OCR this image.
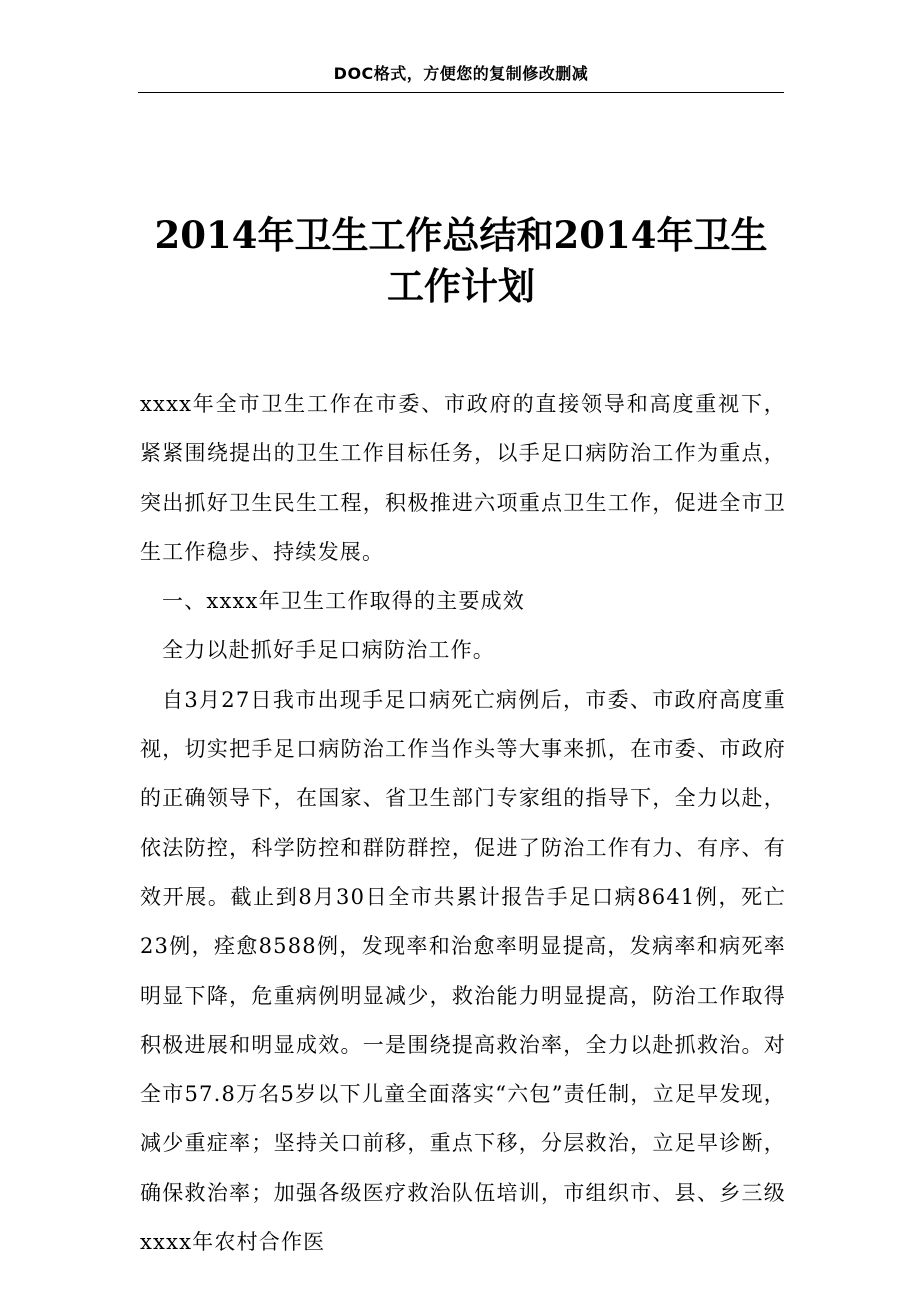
DOC格式，方便您的复制修改删减
2014年卫生工作总结和2014年卫生工作计划

xxxx年全市卫生工作在市委、市政府的直接领导和高度重视下，紧紧围绕提出的卫生工作目标任务，以手足口病防治工作为重点，突出抓好卫生民生工程，积极推进六项重点卫生工作，促进全市卫生工作稳步、持续发展。

一、xxxx年卫生工作取得的主要成效

全力以赴抓好手足口病防治工作。

自3月27日我市出现手足口病死亡病例后，市委、市政府高度重视，切实把手足口病防治工作当作头等大事来抓，在市委、市政府的正确领导下，在国家、省卫生部门专家组的指导下，全力以赴，依法防控，科学防控和群防群控，促进了防治工作有力、有序、有效开展。截止到8月30日全市共累计报告手足口病8641例，死亡23例，痊愈8588例，发现率和治愈率明显提高，发病率和病死率明显下降，危重病例明显减少，救治能力明显提高，防治工作取得积极进展和明显成效。一是围绕提高救治率，全力以赴抓救治。对全市57.8万名5岁以下儿童全面落实“六包”责任制，立足早发现，减少重症率；坚持关口前移，重点下移，分层救治，立足早诊断，确保救治率；加强各级医疗救治队伍培训，市组织市、县、乡三级xxxx年农村合作医
